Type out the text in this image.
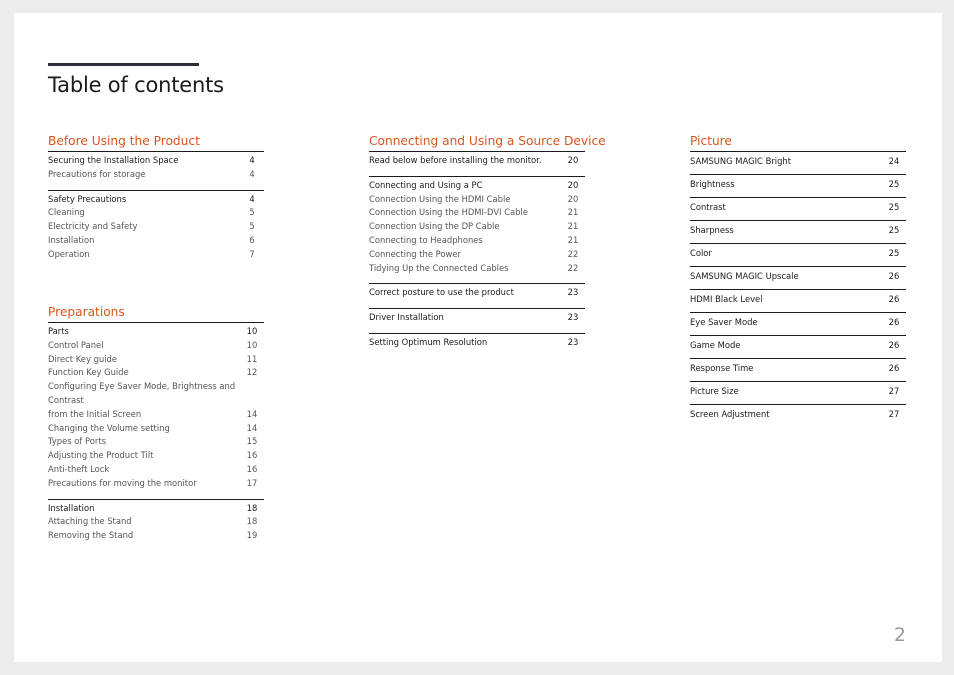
Table of contents
Before Using the Product
Securing the Installation Space	4
Precautions for storage	4
Safety Precautions	4
Cleaning	5
Electricity and Safety	5
Installation	6
Operation	7
Preparations
Parts	10
Control Panel	10
Direct Key guide	11
Function Key Guide	12
Configuring Eye Saver Mode, Brightness and Contrast
from the Initial Screen	14
Changing the Volume setting	14
Types of Ports	15
Adjusting the Product Tilt	16
Anti-theft Lock	16
Precautions for moving the monitor	17
Installation	18
Attaching the Stand	18
Removing the Stand	19
Connecting and Using a Source Device
Read below before installing the monitor.	20
Connecting and Using a PC	20
Connection Using the HDMI Cable	20
Connection Using the HDMI-DVI Cable	21
Connection Using the DP Cable	21
Connecting to Headphones	21
Connecting the Power	22
Tidying Up the Connected Cables	22
Correct posture to use the product	23
Driver Installation	23
Setting Optimum Resolution	23
Picture
SAMSUNG MAGIC Bright	24
Brightness	25
Contrast	25
Sharpness	25
Color	25
SAMSUNG MAGIC Upscale	26
HDMI Black Level	26
Eye Saver Mode	26
Game Mode	26
Response Time	26
Picture Size	27
Screen Adjustment	27
2
